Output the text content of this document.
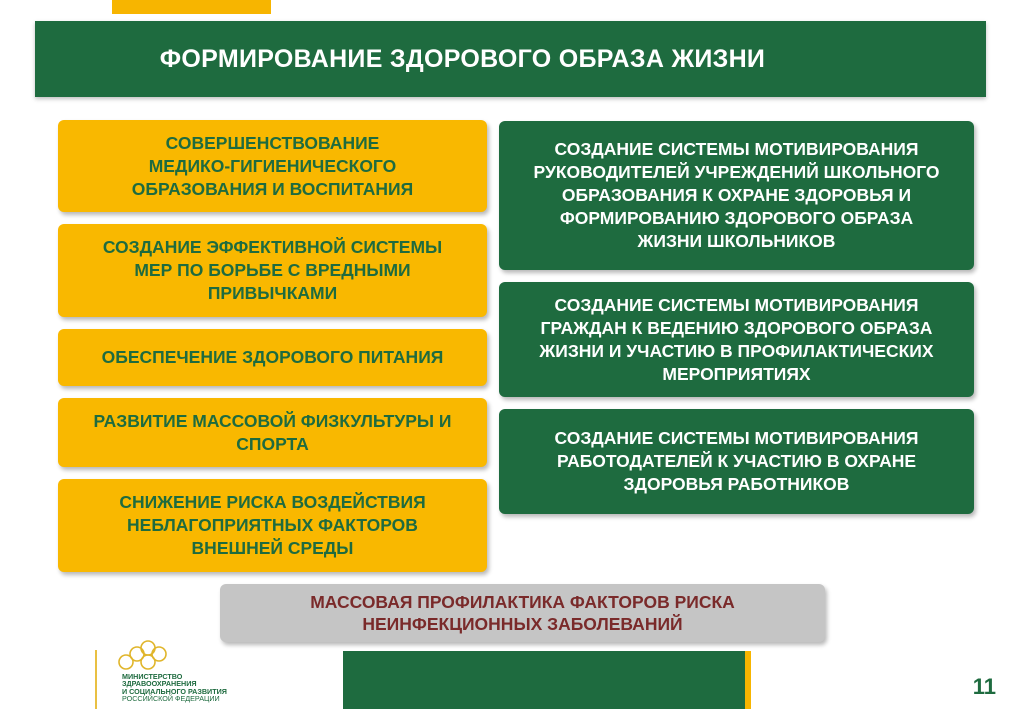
ФОРМИРОВАНИЕ ЗДОРОВОГО ОБРАЗА ЖИЗНИ
СОВЕРШЕНСТВОВАНИЕ
МЕДИКО-ГИГИЕНИЧЕСКОГО
ОБРАЗОВАНИЯ И ВОСПИТАНИЯ
СОЗДАНИЕ ЭФФЕКТИВНОЙ СИСТЕМЫ
МЕР ПО БОРЬБЕ С ВРЕДНЫМИ
ПРИВЫЧКАМИ
ОБЕСПЕЧЕНИЕ ЗДОРОВОГО ПИТАНИЯ
РАЗВИТИЕ МАССОВОЙ ФИЗКУЛЬТУРЫ И
СПОРТА
СНИЖЕНИЕ РИСКА ВОЗДЕЙСТВИЯ
НЕБЛАГОПРИЯТНЫХ ФАКТОРОВ
ВНЕШНЕЙ СРЕДЫ
СОЗДАНИЕ СИСТЕМЫ МОТИВИРОВАНИЯ
РУКОВОДИТЕЛЕЙ УЧРЕЖДЕНИЙ ШКОЛЬНОГО
ОБРАЗОВАНИЯ К ОХРАНЕ ЗДОРОВЬЯ И
ФОРМИРОВАНИЮ ЗДОРОВОГО ОБРАЗА
ЖИЗНИ ШКОЛЬНИКОВ
СОЗДАНИЕ СИСТЕМЫ МОТИВИРОВАНИЯ
ГРАЖДАН К ВЕДЕНИЮ ЗДОРОВОГО ОБРАЗА
ЖИЗНИ И УЧАСТИЮ В ПРОФИЛАКТИЧЕСКИХ
МЕРОПРИЯТИЯХ
СОЗДАНИЕ СИСТЕМЫ МОТИВИРОВАНИЯ
РАБОТОДАТЕЛЕЙ К УЧАСТИЮ В ОХРАНЕ
ЗДОРОВЬЯ РАБОТНИКОВ
МАССОВАЯ ПРОФИЛАКТИКА ФАКТОРОВ РИСКА
НЕИНФЕКЦИОННЫХ ЗАБОЛЕВАНИЙ
МИНИСТЕРСТВО
ЗДРАВООХРАНЕНИЯ
И СОЦИАЛЬНОГО РАЗВИТИЯ
РОССИЙСКОЙ ФЕДЕРАЦИИ	11
